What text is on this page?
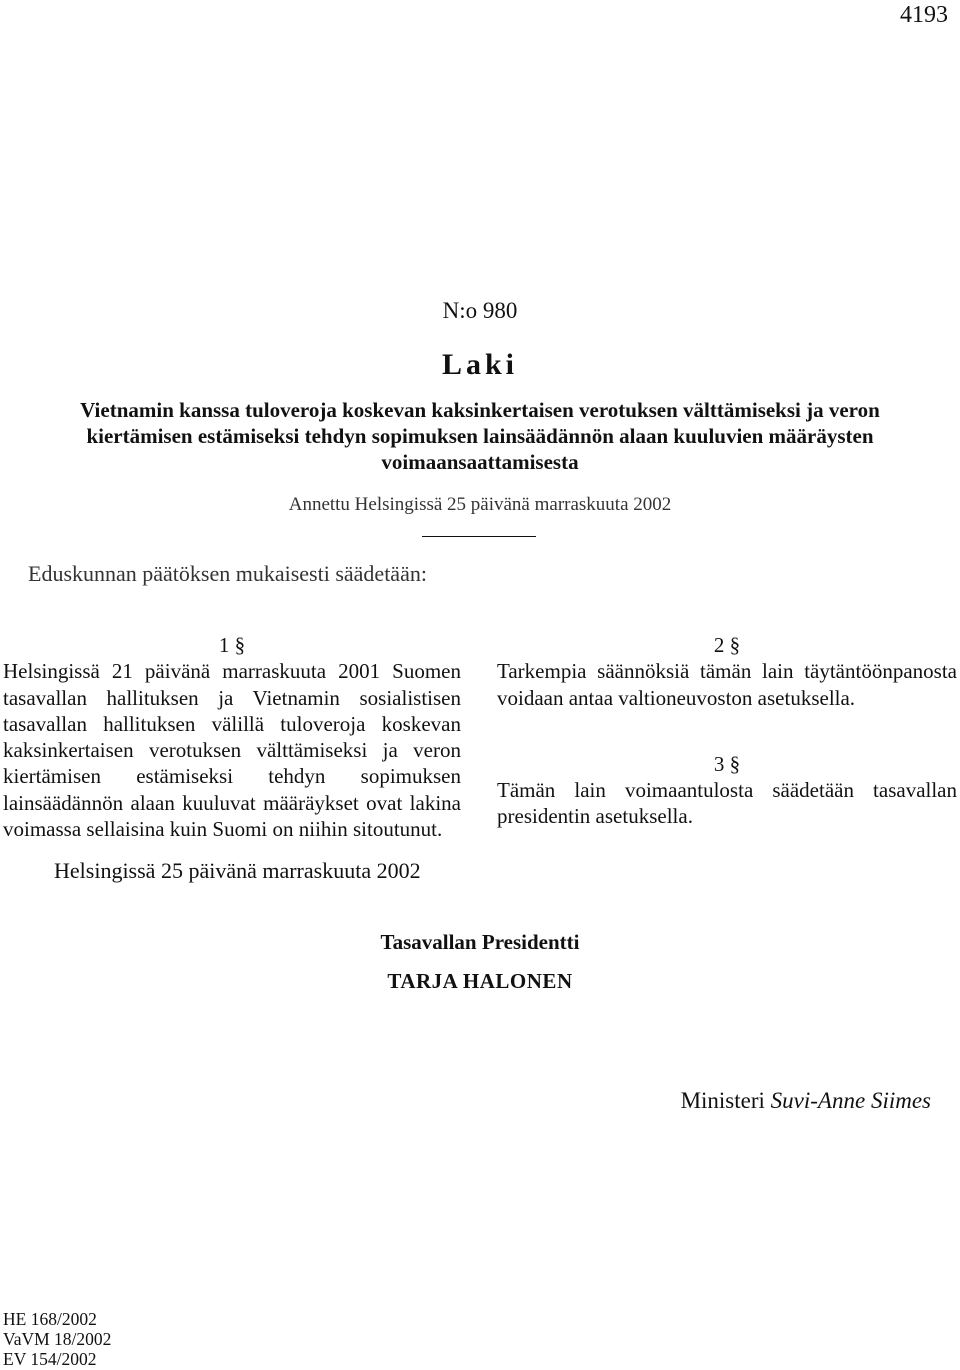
4193
N:o 980
Laki
Vietnamin kanssa tuloveroja koskevan kaksinkertaisen verotuksen välttämiseksi ja veron
kiertämisen estämiseksi tehdyn sopimuksen lainsäädännön alaan kuuluvien määräysten
voimaansaattamisesta
Annettu Helsingissä 25 päivänä marraskuuta 2002
Eduskunnan päätöksen mukaisesti säädetään:
1 §
Helsingissä 21 päivänä marraskuuta 2001 Suomen tasavallan hallituksen ja Vietnamin sosialistisen tasavallan hallituksen välillä tuloveroja koskevan kaksinkertaisen verotuksen välttämiseksi ja veron kiertämisen estämiseksi tehdyn sopimuksen lainsäädännön alaan kuuluvat määräykset ovat lakina voimassa sellaisina kuin Suomi on niihin sitoutunut.
2 §
Tarkempia säännöksiä tämän lain täytäntöönpanosta voidaan antaa valtioneuvoston asetuksella.
3 §
Tämän lain voimaantulosta säädetään tasavallan presidentin asetuksella.
Helsingissä 25 päivänä marraskuuta 2002
Tasavallan Presidentti
TARJA HALONEN
Ministeri Suvi-Anne Siimes
HE 168/2002
VaVM 18/2002
EV 154/2002
